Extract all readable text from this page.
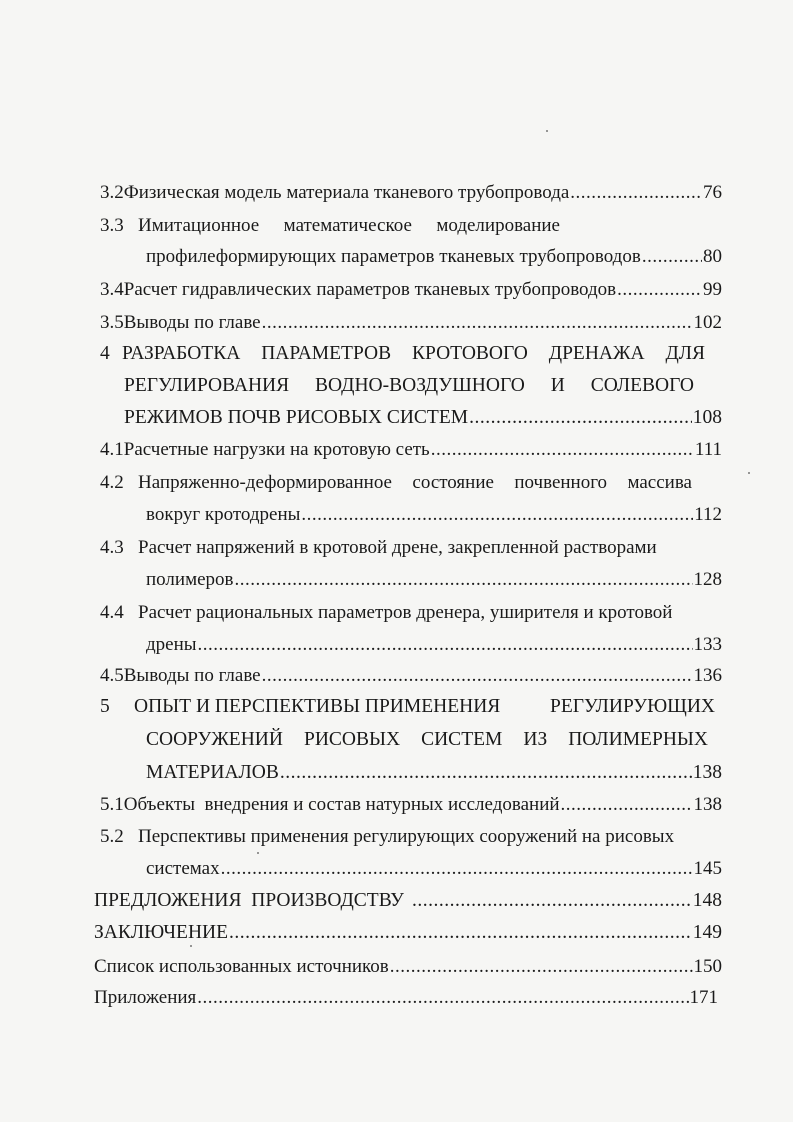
3.2 Физическая модель материала тканевого трубопровода .....	76
3.3 Имитационное математическое моделирование
профилеформирующих параметров тканевых трубопроводов .....	80
3.4 Расчет гидравлических параметров тканевых трубопроводов .....	99
3.5 Выводы по главе .....	102
4 РАЗРАБОТКА ПАРАМЕТРОВ КРОТОВОГО ДРЕНАЖА ДЛЯ
РЕГУЛИРОВАНИЯ ВОДНО-ВОЗДУШНОГО И СОЛЕВОГО
РЕЖИМОВ ПОЧВ РИСОВЫХ СИСТЕМ .....	108
4.1 Расчетные нагрузки на кротовую сеть .....	111
4.2 Напряженно-деформированное состояние почвенного массива
вокруг кротодрены .....	112
4.3 Расчет напряжений в кротовой дрене, закрепленной растворами
полимеров .....	128
4.4 Расчет рациональных параметров дренера, уширителя и кротовой
дрены .....	133
4.5 Выводы по главе .....	136
5	ОПЫТ И ПЕРСПЕКТИВЫ ПРИМЕНЕНИЯ	РЕГУЛИРУЮЩИХ
СООРУЖЕНИЙ РИСОВЫХ СИСТЕМ ИЗ ПОЛИМЕРНЫХ
МАТЕРИАЛОВ .....	138
5.1 Объекты  внедрения и состав натурных исследований .....	138
5.2 Перспективы применения регулирующих сооружений на рисовых
системах .....	145
ПРЕДЛОЖЕНИЯ  ПРОИЗВОДСТВУ .....	148
ЗАКЛЮЧЕНИЕ .....	149
Список использованных источников .....	150
Приложения .....	171
